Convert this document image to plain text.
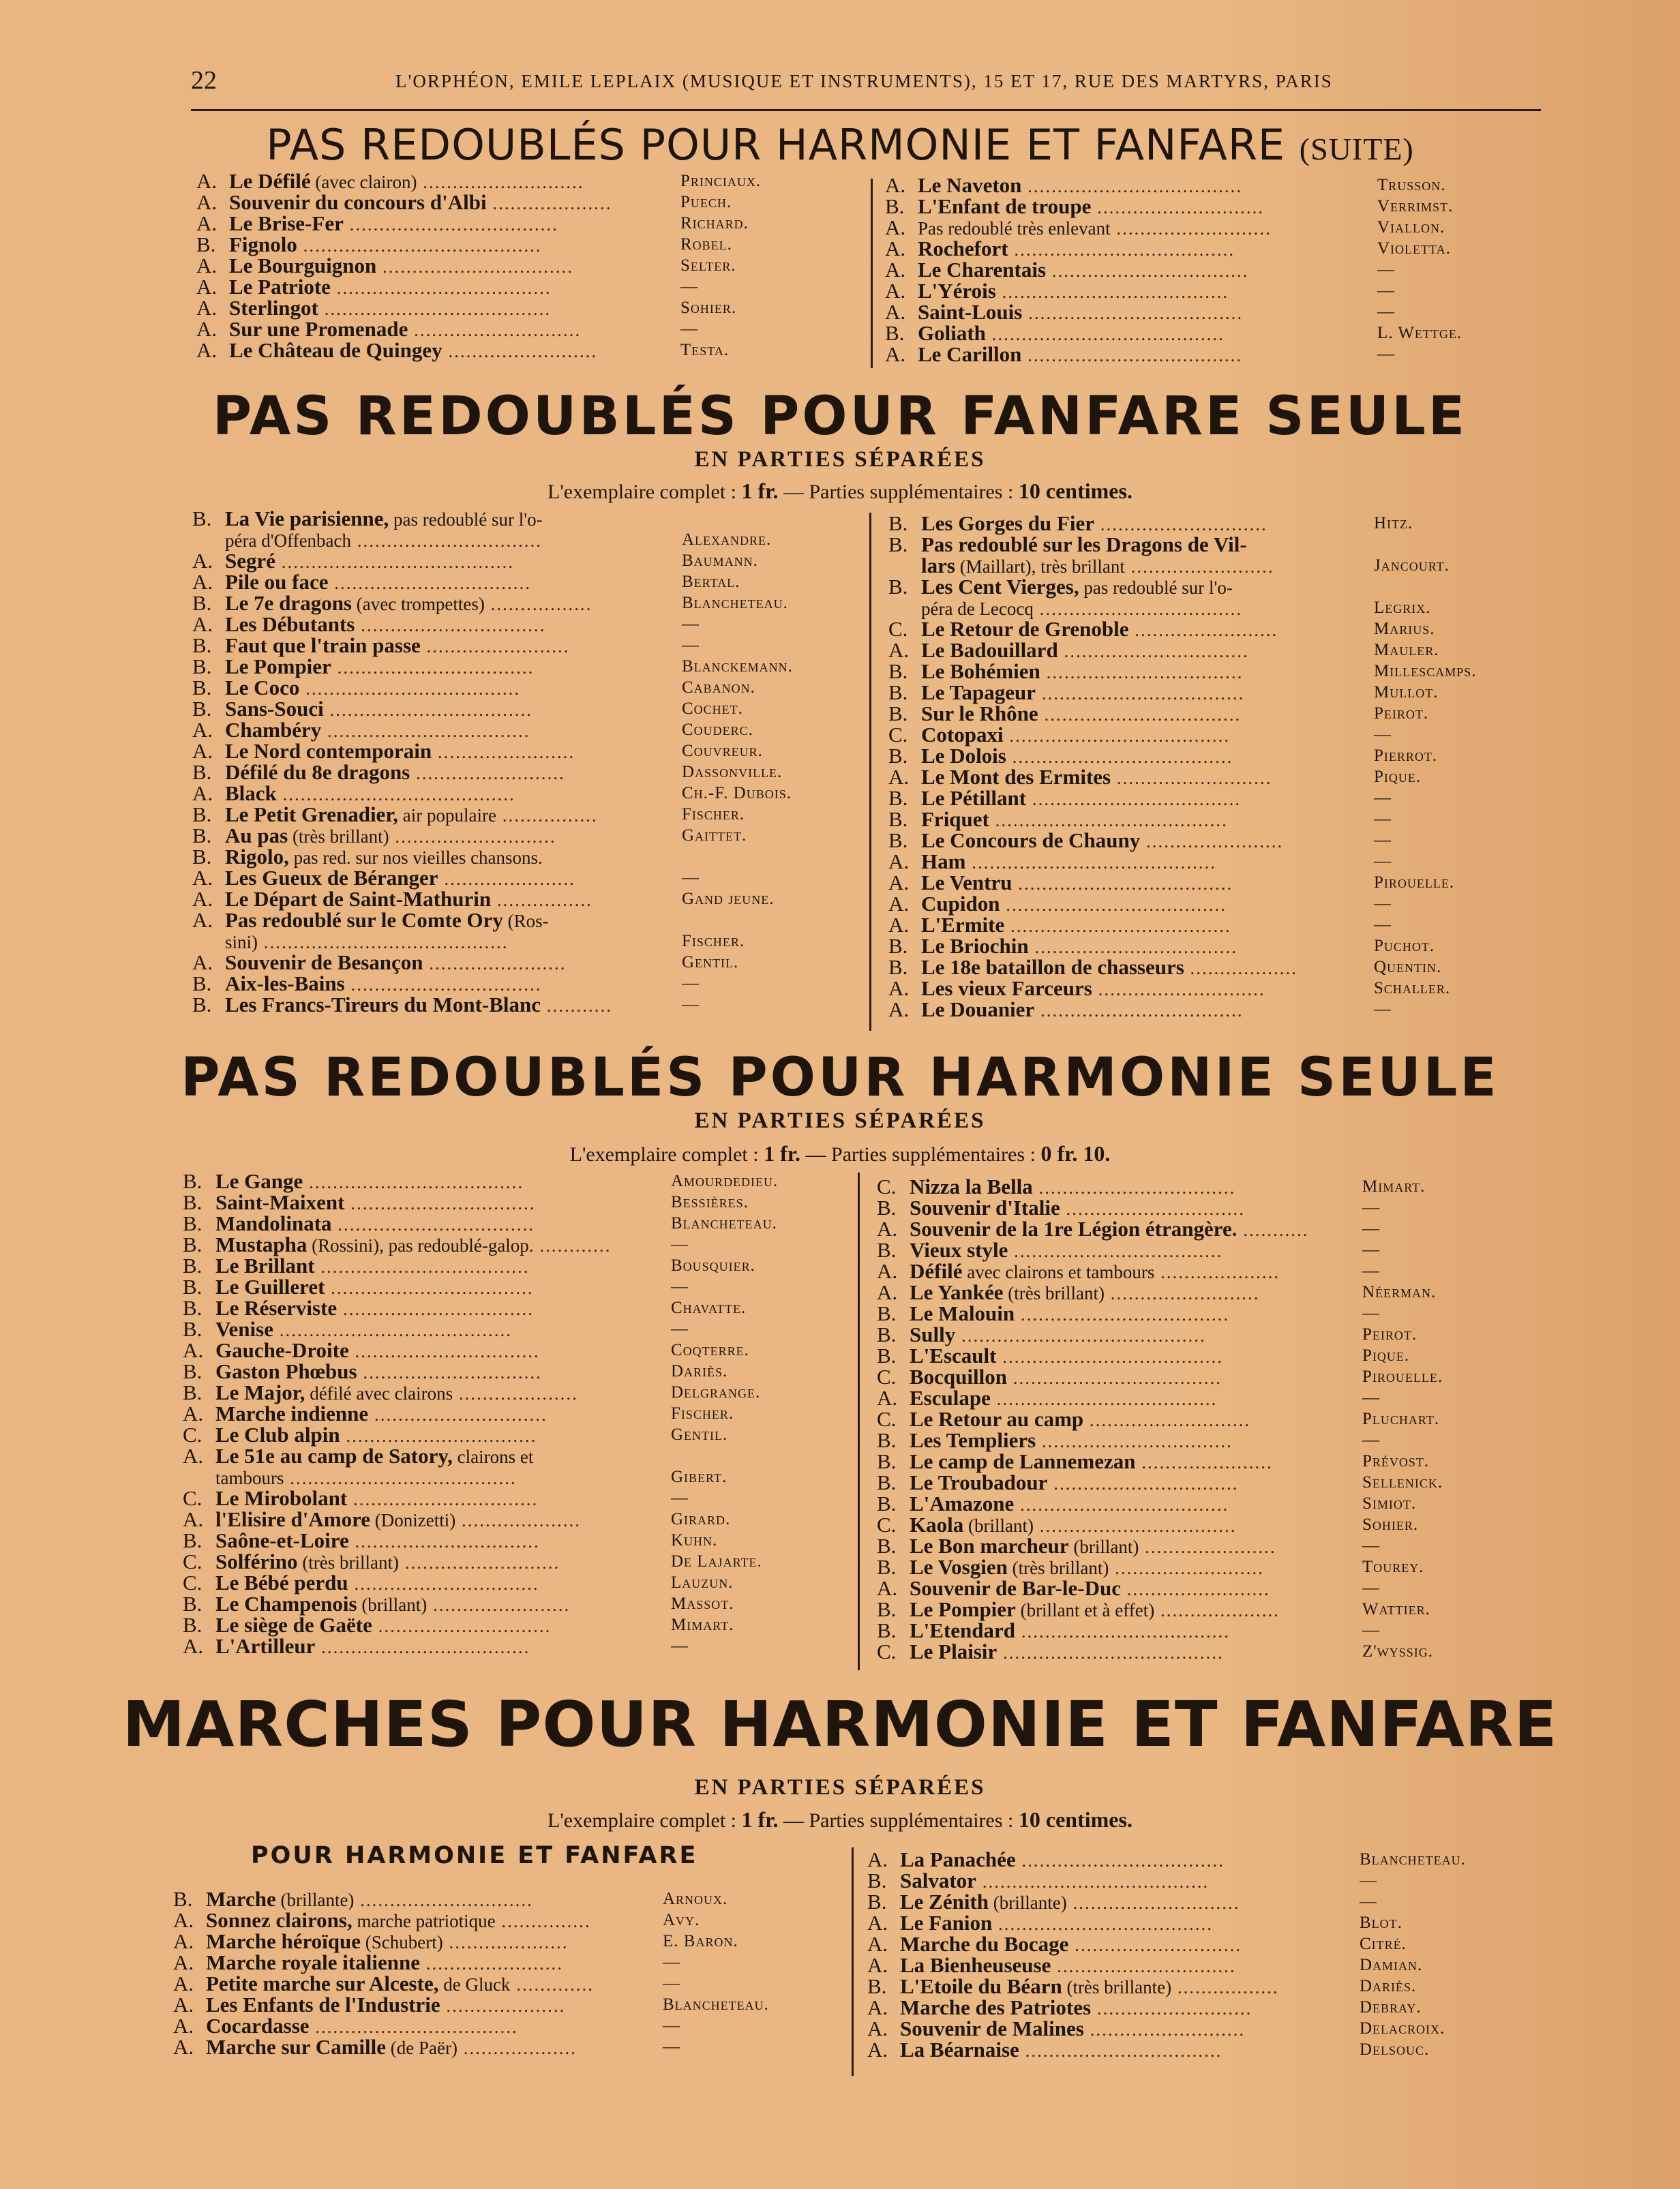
22	L'ORPHÉON, EMILE LEPLAIX (MUSIQUE ET INSTRUMENTS), 15 ET 17, RUE DES MARTYRS, PARIS
PAS REDOUBLÉS POUR HARMONIE ET FANFARE (SUITE)
A. Le Défilé (avec clairon) ...........................	Princiaux.
A. Souvenir du concours d'Albi ....................	Puech.
A. Le Brise-Fer ...................................	Richard.
B. Fignolo ........................................	Robel.
A. Le Bourguignon ................................	Selter.
A. Le Patriote ....................................	—
A. Sterlingot ......................................	Sohier.
A. Sur une Promenade ............................	—
A. Le Château de Quingey .........................	Testa.
A. Le Naveton ....................................	Trusson.
B. L'Enfant de troupe ............................	Verrimst.
A. Pas redoublé très enlevant ..........................	Viallon.
A. Rochefort .....................................	Violetta.
A. Le Charentais .................................	—
A. L'Yérois ......................................	—
A. Saint-Louis ....................................	—
B. Goliath .......................................	L. Wettge.
A. Le Carillon ....................................	—
PAS REDOUBLÉS POUR FANFARE SEULE
EN PARTIES SÉPARÉES
L'exemplaire complet : 1 fr. — Parties supplémentaires : 10 centimes.
B. La Vie parisienne, pas redoublé sur l'o-
péra d'Offenbach ...............................	Alexandre.
A. Segré .......................................	Baumann.
A. Pile ou face .................................	Bertal.
B. Le 7e dragons (avec trompettes) .................	Blancheteau.
A. Les Débutants ...............................	—
B. Faut que l'train passe ........................	—
B. Le Pompier .................................	Blanckemann.
B. Le Coco ....................................	Cabanon.
B. Sans-Souci ..................................	Cochet.
A. Chambéry ..................................	Couderc.
A. Le Nord contemporain .......................	Couvreur.
B. Défilé du 8e dragons .........................	Dassonville.
A. Black .......................................	Ch.-F. Dubois.
B. Le Petit Grenadier, air populaire ................	Fischer.
B. Au pas (très brillant) ...........................	Gaittet.
B. Rigolo, pas red. sur nos vieilles chansons.
A. Les Gueux de Béranger ......................	—
A. Le Départ de Saint-Mathurin ................	Gand jeune.
A. Pas redoublé sur le Comte Ory (Ros-
sini) .........................................	Fischer.
A. Souvenir de Besançon .......................	Gentil.
B. Aix-les-Bains ................................	—
B. Les Francs-Tireurs du Mont-Blanc ...........	—
B. Les Gorges du Fier ............................	Hitz.
B. Pas redoublé sur les Dragons de Vil-
lars (Maillart), très brillant ........................	Jancourt.
B. Les Cent Vierges, pas redoublé sur l'o-
péra de Lecocq ..................................	Legrix.
C. Le Retour de Grenoble ........................	Marius.
A. Le Badouillard ...............................	Mauler.
B. Le Bohémien .................................	Millescamps.
B. Le Tapageur ..................................	Mullot.
B. Sur le Rhône .................................	Peirot.
C. Cotopaxi .....................................	—
B. Le Dolois .....................................	Pierrot.
A. Le Mont des Ermites ..........................	Pique.
B. Le Pétillant ...................................	—
B. Friquet .......................................	—
B. Le Concours de Chauny .......................	—
A. Ham .........................................	—
A. Le Ventru ....................................	Pirouelle.
A. Cupidon .....................................	—
A. L'Ermite .....................................	—
B. Le Briochin ..................................	Puchot.
B. Le 18e bataillon de chasseurs ..................	Quentin.
A. Les vieux Farceurs ............................	Schaller.
A. Le Douanier ..................................	—
PAS REDOUBLÉS POUR HARMONIE SEULE
EN PARTIES SÉPARÉES
L'exemplaire complet : 1 fr. — Parties supplémentaires : 0 fr. 10.
B. Le Gange ....................................	Amourdedieu.
B. Saint-Maixent ...............................	Bessières.
B. Mandolinata .................................	Blancheteau.
B. Mustapha (Rossini), pas redoublé-galop. ............	—
B. Le Brillant ...................................	Bousquier.
B. Le Guilleret ..................................	—
B. Le Réserviste ................................	Chavatte.
B. Venise .......................................	—
A. Gauche-Droite ...............................	Coqterre.
B. Gaston Phœbus ..............................	Dariès.
B. Le Major, défilé avec clairons ....................	Delgrange.
A. Marche indienne .............................	Fischer.
C. Le Club alpin ................................	Gentil.
A. Le 51e au camp de Satory, clairons et
tambours ......................................	Gibert.
C. Le Mirobolant ...............................	—
A. l'Elisire d'Amore (Donizetti) ....................	Girard.
B. Saône-et-Loire ...............................	Kuhn.
C. Solférino (très brillant) ..........................	De Lajarte.
C. Le Bébé perdu ...............................	Lauzun.
B. Le Champenois (brillant) .......................	Massot.
B. Le siège de Gaëte .............................	Mimart.
A. L'Artilleur ...................................	—
C. Nizza la Bella .................................	Mimart.
B. Souvenir d'Italie ..............................	—
A. Souvenir de la 1re Légion étrangère. ...........	—
B. Vieux style ...................................	—
A. Défilé avec clairons et tambours ....................	—
A. Le Yankée (très brillant) .........................	Néerman.
B. Le Malouin ...................................	—
B. Sully .........................................	Peirot.
B. L'Escault .....................................	Pique.
C. Bocquillon ...................................	Pirouelle.
A. Esculape .....................................	—
C. Le Retour au camp ...........................	Pluchart.
B. Les Templiers ................................	—
B. Le camp de Lannemezan ......................	Prévost.
B. Le Troubadour ...............................	Sellenick.
B. L'Amazone ...................................	Simiot.
C. Kaola (brillant) .................................	Sohier.
B. Le Bon marcheur (brillant) ......................	—
B. Le Vosgien (très brillant) .........................	Tourey.
A. Souvenir de Bar-le-Duc ........................	—
B. Le Pompier (brillant et à effet) ....................	Wattier.
B. L'Etendard ...................................	—
C. Le Plaisir .....................................	Z'wyssig.
MARCHES POUR HARMONIE ET FANFARE
EN PARTIES SÉPARÉES
L'exemplaire complet : 1 fr. — Parties supplémentaires : 10 centimes.
POUR HARMONIE ET FANFARE
B. Marche (brillante) .............................	Arnoux.
A. Sonnez clairons, marche patriotique ...............	Avy.
A. Marche héroïque (Schubert) ....................	E. Baron.
A. Marche royale italienne .......................	—
A. Petite marche sur Alceste, de Gluck .............	—
A. Les Enfants de l'Industrie ....................	Blancheteau.
A. Cocardasse ..................................	—
A. Marche sur Camille (de Paër) ...................	—
A. La Panachée ..................................	Blancheteau.
B. Salvator ......................................	—
B. Le Zénith (brillante) ............................	—
A. Le Fanion ....................................	Blot.
A. Marche du Bocage ............................	Citré.
A. La Bienheuseuse ..............................	Damian.
B. L'Etoile du Béarn (très brillante) .................	Dariès.
A. Marche des Patriotes ..........................	Debray.
A. Souvenir de Malines ..........................	Delacroix.
A. La Béarnaise .................................	Delsouc.
